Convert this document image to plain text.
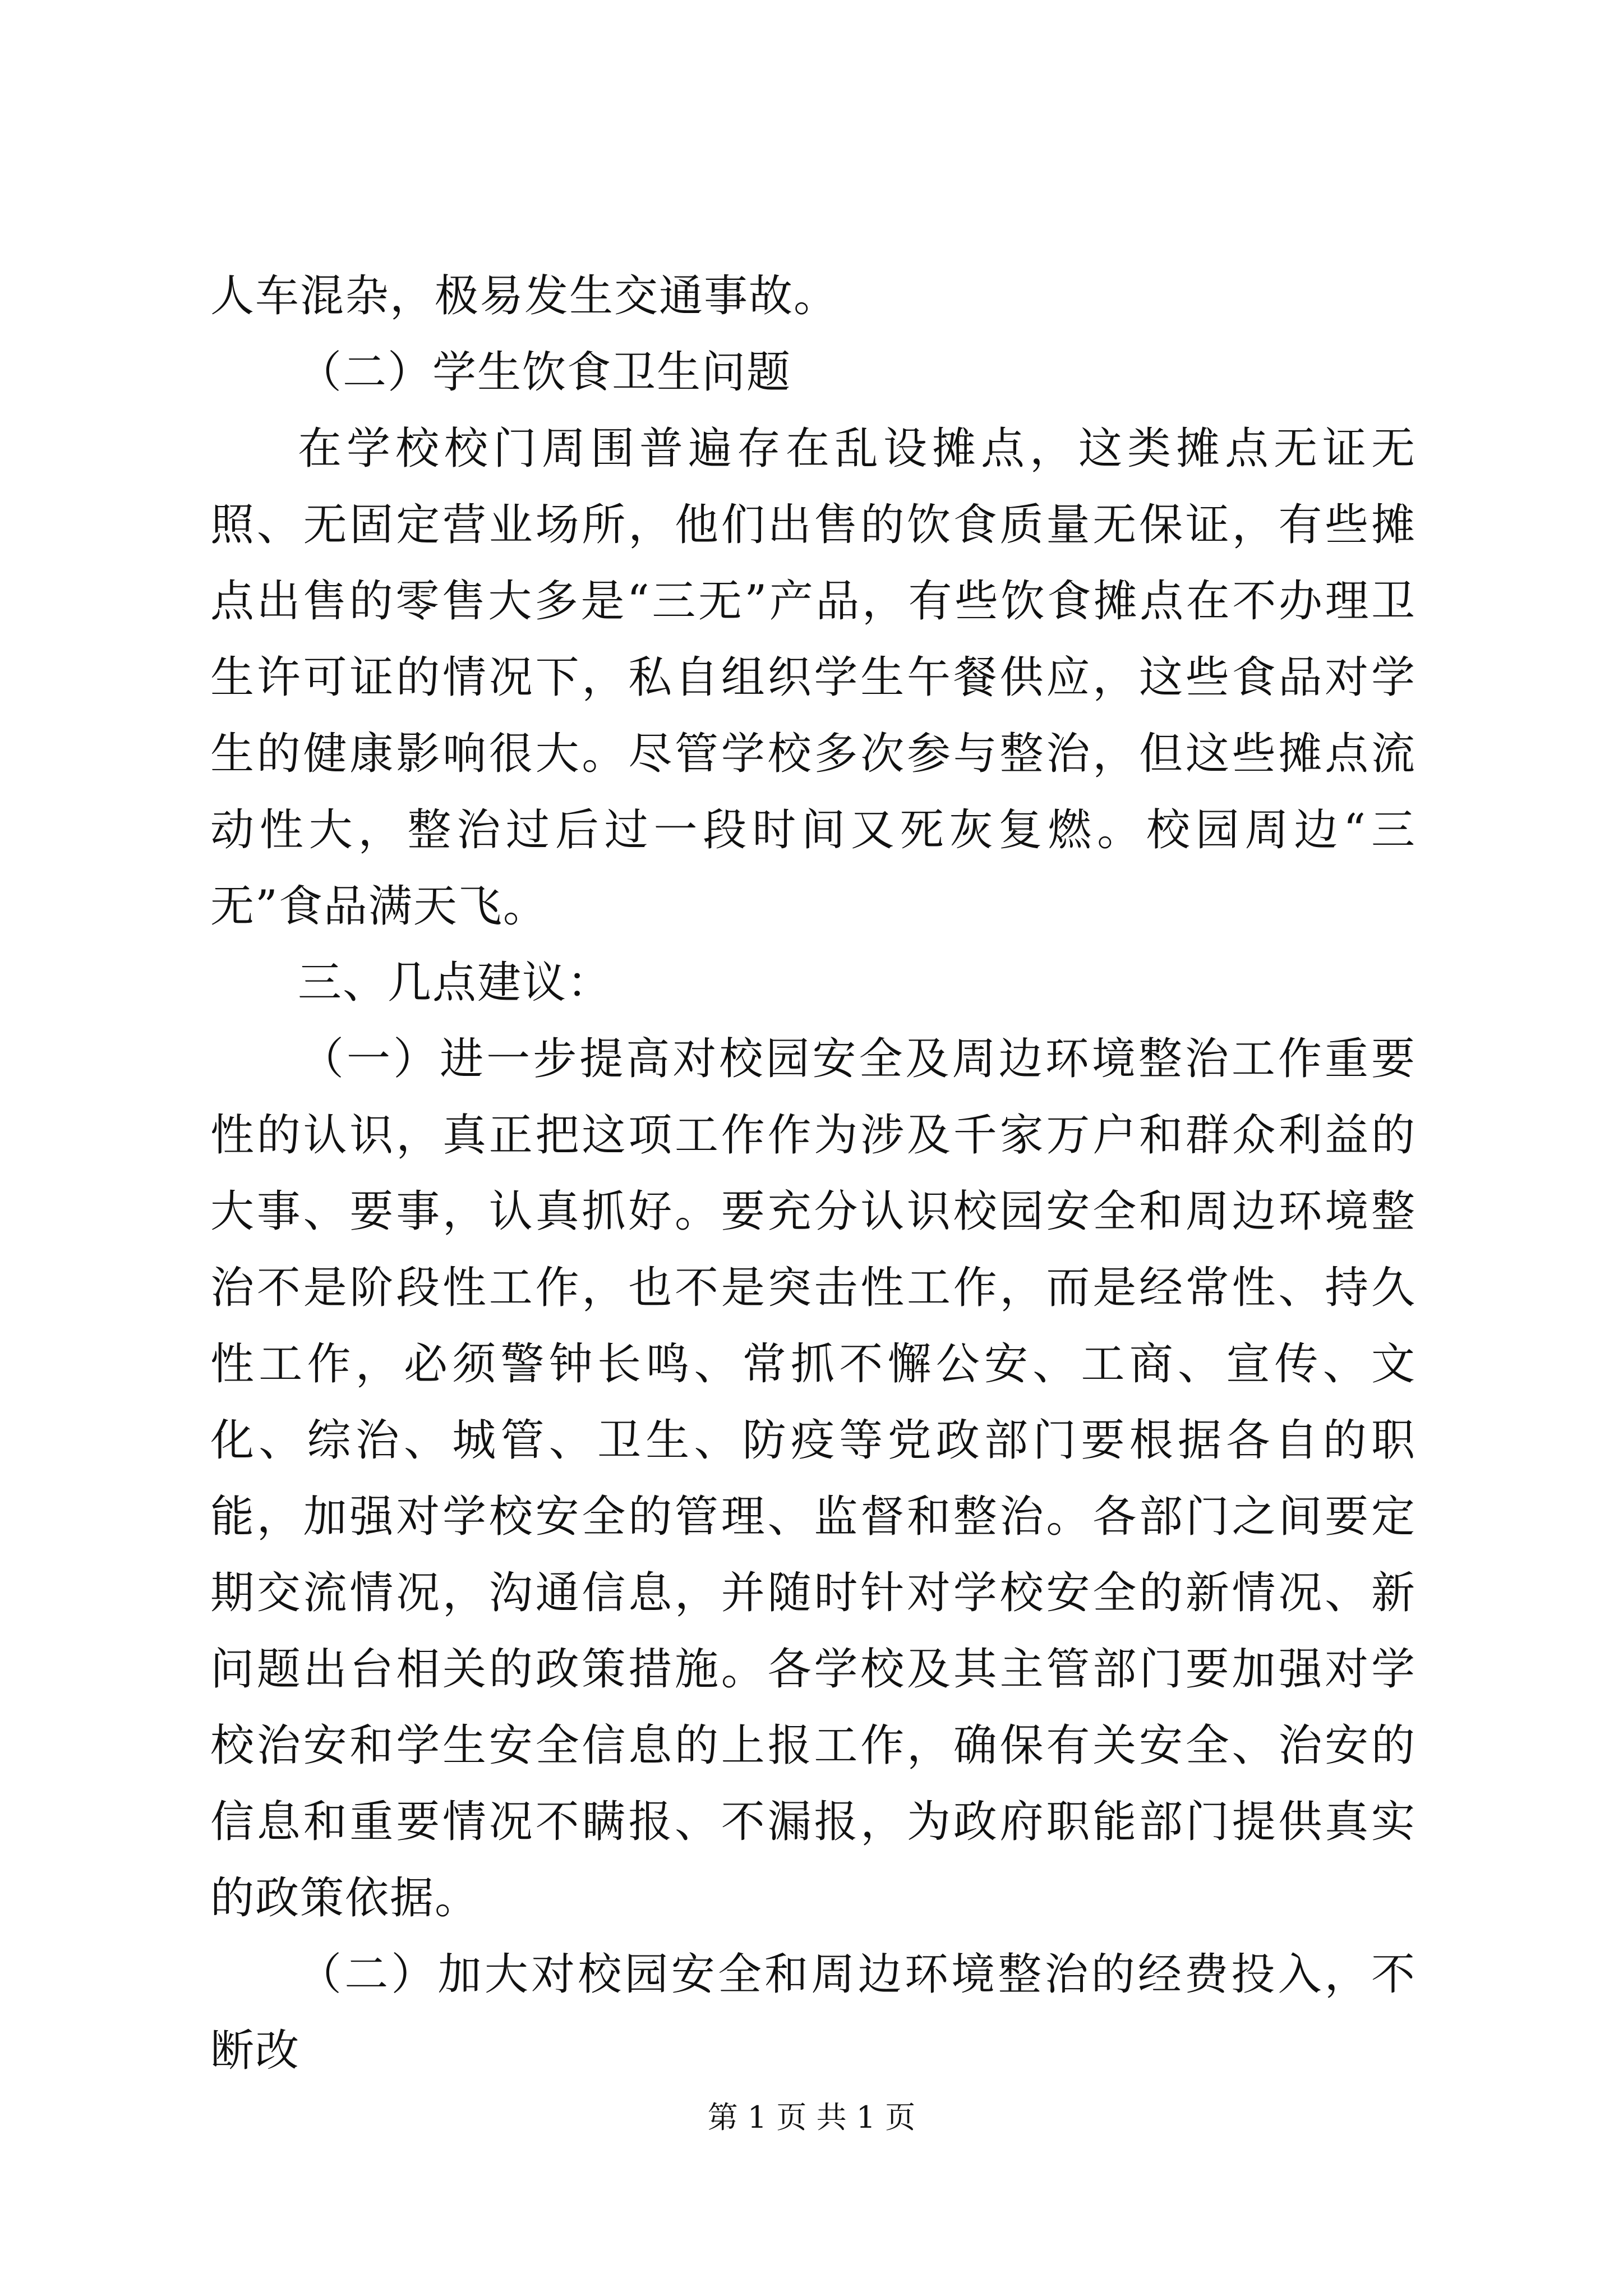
人车混杂，极易发生交通事故。

（二）学生饮食卫生问题

在学校校门周围普遍存在乱设摊点，这类摊点无证无照、无固定营业场所，他们出售的饮食质量无保证，有些摊点出售的零售大多是“三无”产品，有些饮食摊点在不办理卫生许可证的情况下，私自组织学生午餐供应，这些食品对学生的健康影响很大。尽管学校多次参与整治，但这些摊点流动性大，整治过后过一段时间又死灰复燃。校园周边“三无”食品满天飞。

三、几点建议：

（一）进一步提高对校园安全及周边环境整治工作重要性的认识，真正把这项工作作为涉及千家万户和群众利益的大事、要事，认真抓好。要充分认识校园安全和周边环境整治不是阶段性工作，也不是突击性工作，而是经常性、持久性工作，必须警钟长鸣、常抓不懈公安、工商、宣传、文化、综治、城管、卫生、防疫等党政部门要根据各自的职能，加强对学校安全的管理、监督和整治。各部门之间要定期交流情况，沟通信息，并随时针对学校安全的新情况、新问题出台相关的政策措施。各学校及其主管部门要加强对学校治安和学生安全信息的上报工作，确保有关安全、治安的信息和重要情况不瞒报、不漏报，为政府职能部门提供真实的政策依据。

（二）加大对校园安全和周边环境整治的经费投入，不断改

第 1 页 共 1 页
